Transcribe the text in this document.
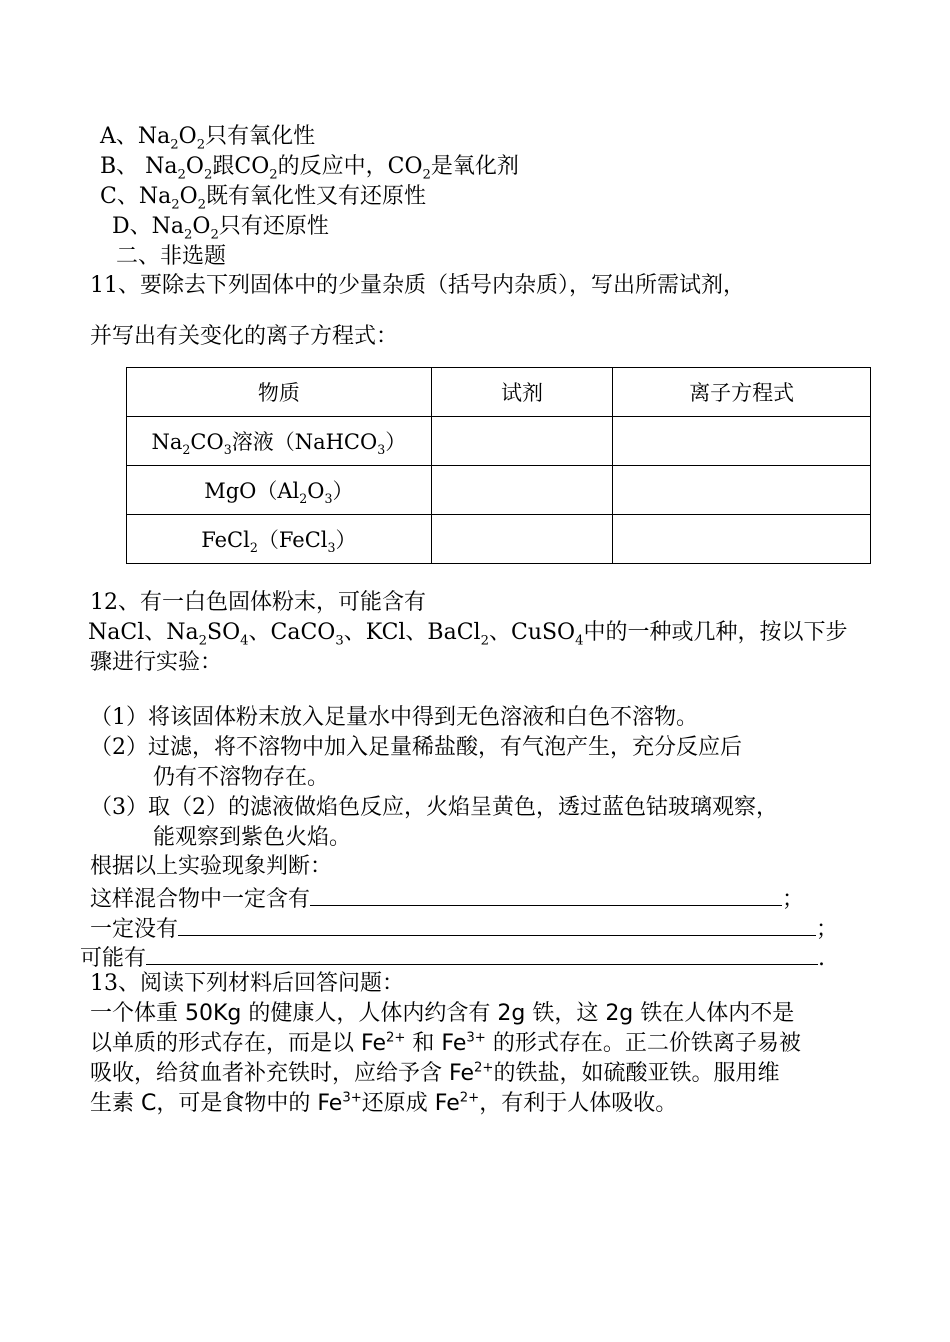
A、$Na_2O_2$只有氧化性
B、 $Na_2O_2$跟$CO_2$的反应中，$CO_2$是氧化剂
C、$Na_2O_2$既有氧化性又有还原性
D、$Na_2O_2$只有还原性
二、非选题
11、要除去下列固体中的少量杂质（括号内杂质），写出所需试剂，
并写出有关变化的离子方程式：
物质	试剂	离子方程式
$Na_2CO_3$溶液（NaHCO$_3$）		
$MgO(Al_2O_3)$		
FeCl$_2$（FeCl$_3$）		
12、有一白色固体粉末，可能含有
NaCl、$Na_2SO_4$、CaCO$_3$、KCl、BaCl$_2$、CuSO$_4$中的一种或几种，按以下步
骤进行实验：
（1）将该固体粉末放入足量水中得到无色溶液和白色不溶物。
（2）过滤，将不溶物中加入足量稀盐酸，有气泡产生，充分反应后
仍有不溶物存在。
（3）取（2）的滤液做焰色反应，火焰呈黄色，透过蓝色钴玻璃观察，
能观察到紫色火焰。
根据以上实验现象判断：
这样混合物中一定含有	；
一定没有	；
可能有	.
13、阅读下列材料后回答问题：
一个体重 50Kg 的健康人，人体内约含有 2g 铁，这 2g 铁在人体内不是
以单质的形式存在，而是以 $Fe^{2+}$ 和 $Fe^{3+}$ 的形式存在。正二价铁离子易被
吸收，给贫血者补充铁时，应给予含 $Fe^{2+}$的铁盐，如硫酸亚铁。服用维
生素 C，可是食物中的 $Fe^{3+}$还原成 $Fe^{2+}$，有利于人体吸收。
